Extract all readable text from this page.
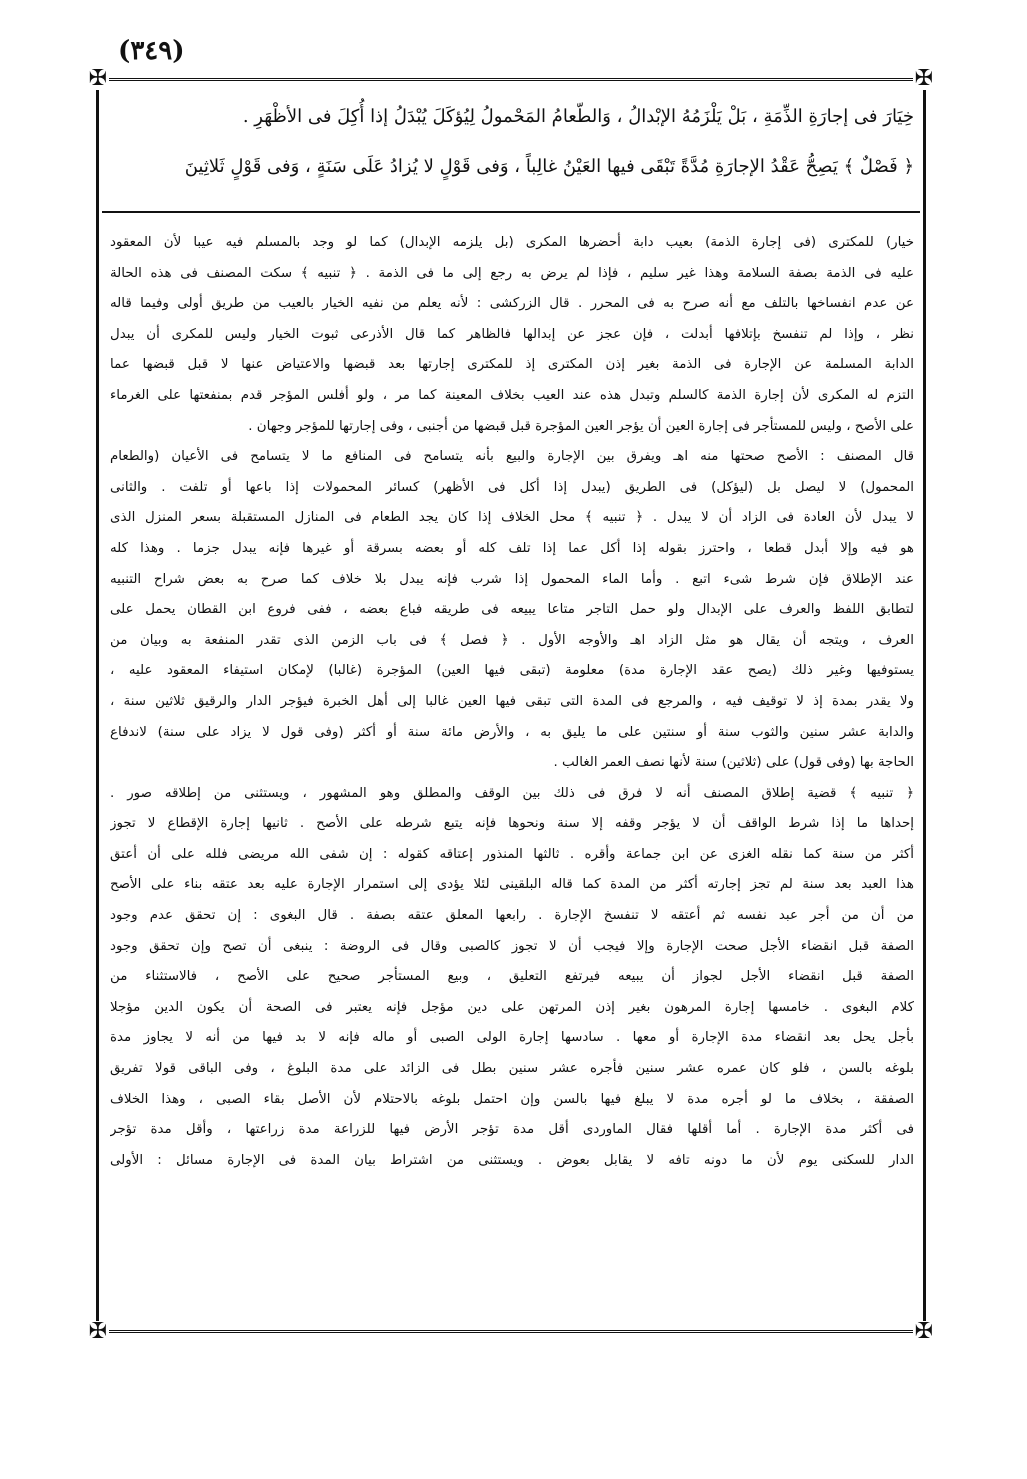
(٣٤٩)
✠	✠
✠	✠

خِيَارَ فى إجارَةِ الذِّمَةِ ، بَلْ يَلْزَمُهُ الإبْدالُ ، وَالطّعامُ المَحْمولُ لِيُؤكَلَ يُبْدَلُ إذا أُكِلَ فى الأظْهَرِ .

﴿ فَصْلٌ ﴾ يَصِحُّ عَقْدُ الإجارَةِ مُدَّةً تَبْقَى فيها العَيْنُ غالِباً ، وَفى قَوْلٍ لا يُزادُ عَلَى سَنَةٍ ، وَفى قَوْلٍ ثَلاثِينَ

خيار) للمكترى (فى إجارة الذمة) بعيب دابة أحضرها المكرى (بل يلزمه الإبدال) كما لو وجد بالمسلم فيه عيبا لأن المعقود

عليه فى الذمة بصفة السلامة وهذا غير سليم ، فإذا لم يرض به رجع إلى ما فى الذمة . ﴿ تنبيه ﴾ سكت المصنف فى هذه الحالة

عن عدم انفساخها بالتلف مع أنه صرح به فى المحرر . قال الزركشى : لأنه يعلم من نفيه الخيار بالعيب من طريق أولى وفيما قاله

نظر ، وإذا لم تنفسخ بإتلافها أبدلت ، فإن عجز عن إبدالها فالظاهر كما قال الأذرعى ثبوت الخيار وليس للمكرى أن يبدل

الدابة المسلمة عن الإجارة فى الذمة بغير إذن المكترى إذ للمكترى إجارتها بعد قبضها والاعتياض عنها لا قبل قبضها عما

التزم له المكرى لأن إجارة الذمة كالسلم وتبدل هذه عند العيب بخلاف المعينة كما مر ، ولو أفلس المؤجر قدم بمنفعتها على الغرماء

على الأصح ، وليس للمستأجر فى إجارة العين أن يؤجر العين المؤجرة قبل قبضها من أجنبى ، وفى إجارتها للمؤجر وجهان .

قال المصنف : الأصح صحتها منه اهـ ويفرق بين الإجارة والبيع بأنه يتسامح فى المنافع ما لا يتسامح فى الأعيان (والطعام

المحمول) لا ليصل بل (ليؤكل) فى الطريق (يبدل إذا أكل فى الأظهر) كسائر المحمولات إذا باعها أو تلفت . والثانى

لا يبدل لأن العادة فى الزاد أن لا يبدل . ﴿ تنبيه ﴾ محل الخلاف إذا كان يجد الطعام فى المنازل المستقبلة بسعر المنزل الذى

هو فيه وإلا أبدل قطعا ، واحترز بقوله إذا أكل عما إذا تلف كله أو بعضه بسرقة أو غيرها فإنه يبدل جزما . وهذا كله

عند الإطلاق فإن شرط شىء اتبع . وأما الماء المحمول إذا شرب فإنه يبدل بلا خلاف كما صرح به بعض شراح التنبيه

لتطابق اللفظ والعرف على الإبدال ولو حمل التاجر متاعا يبيعه فى طريقه فباع بعضه ، ففى فروع ابن القطان يحمل على

العرف ، ويتجه أن يقال هو مثل الزاد اهـ والأوجه الأول . ﴿ فصل ﴾ فى باب الزمن الذى تقدر المنفعة به وبيان من

يستوفيها وغير ذلك (يصح عقد الإجارة مدة) معلومة (تبقى فيها العين) المؤجرة (غالبا) لإمكان استيفاء المعقود عليه ،

ولا يقدر بمدة إذ لا توقيف فيه ، والمرجع فى المدة التى تبقى فيها العين غالبا إلى أهل الخبرة فيؤجر الدار والرقيق ثلاثين سنة ،

والدابة عشر سنين والثوب سنة أو سنتين على ما يليق به ، والأرض مائة سنة أو أكثر (وفى قول لا يزاد على سنة) لاندفاع

الحاجة بها (وفى قول) على (ثلاثين) سنة لأنها نصف العمر الغالب .

﴿ تنبيه ﴾ قضية إطلاق المصنف أنه لا فرق فى ذلك بين الوقف والمطلق وهو المشهور ، ويستثنى من إطلاقه صور .

إحداها ما إذا شرط الواقف أن لا يؤجر وقفه إلا سنة ونحوها فإنه يتبع شرطه على الأصح . ثانيها إجارة الإقطاع لا تجوز

أكثر من سنة كما نقله الغزى عن ابن جماعة وأقره . ثالثها المنذور إعتاقه كقوله : إن شفى الله مريضى فلله على أن أعتق

هذا العبد بعد سنة لم تجز إجارته أكثر من المدة كما قاله البلقينى لئلا يؤدى إلى استمرار الإجارة عليه بعد عتقه بناء على الأصح

من أن من أجر عبد نفسه ثم أعتقه لا تنفسخ الإجارة . رابعها المعلق عتقه بصفة . قال البغوى : إن تحقق عدم وجود

الصفة قبل انقضاء الأجل صحت الإجارة وإلا فيجب أن لا تجوز كالصبى وقال فى الروضة : ينبغى أن تصح وإن تحقق وجود

الصفة قبل انقضاء الأجل لجواز أن يبيعه فيرتفع التعليق ، وبيع المستأجر صحيح على الأصح ، فالاستثناء من

كلام البغوى . خامسها إجارة المرهون بغير إذن المرتهن على دين مؤجل فإنه يعتبر فى الصحة أن يكون الدين مؤجلا

بأجل يحل بعد انقضاء مدة الإجارة أو معها . سادسها إجارة الولى الصبى أو ماله فإنه لا بد فيها من أنه لا يجاوز مدة

بلوغه بالسن ، فلو كان عمره عشر سنين فأجره عشر سنين بطل فى الزائد على مدة البلوغ ، وفى الباقى قولا تفريق

الصفقة ، بخلاف ما لو أجره مدة لا يبلغ فيها بالسن وإن احتمل بلوغه بالاحتلام لأن الأصل بقاء الصبى ، وهذا الخلاف

فى أكثر مدة الإجارة . أما أقلها فقال الماوردى أقل مدة تؤجر الأرض فيها للزراعة مدة زراعتها ، وأقل مدة تؤجر

الدار للسكنى يوم لأن ما دونه تافه لا يقابل بعوض . ويستثنى من اشتراط بيان المدة فى الإجارة مسائل : الأولى
